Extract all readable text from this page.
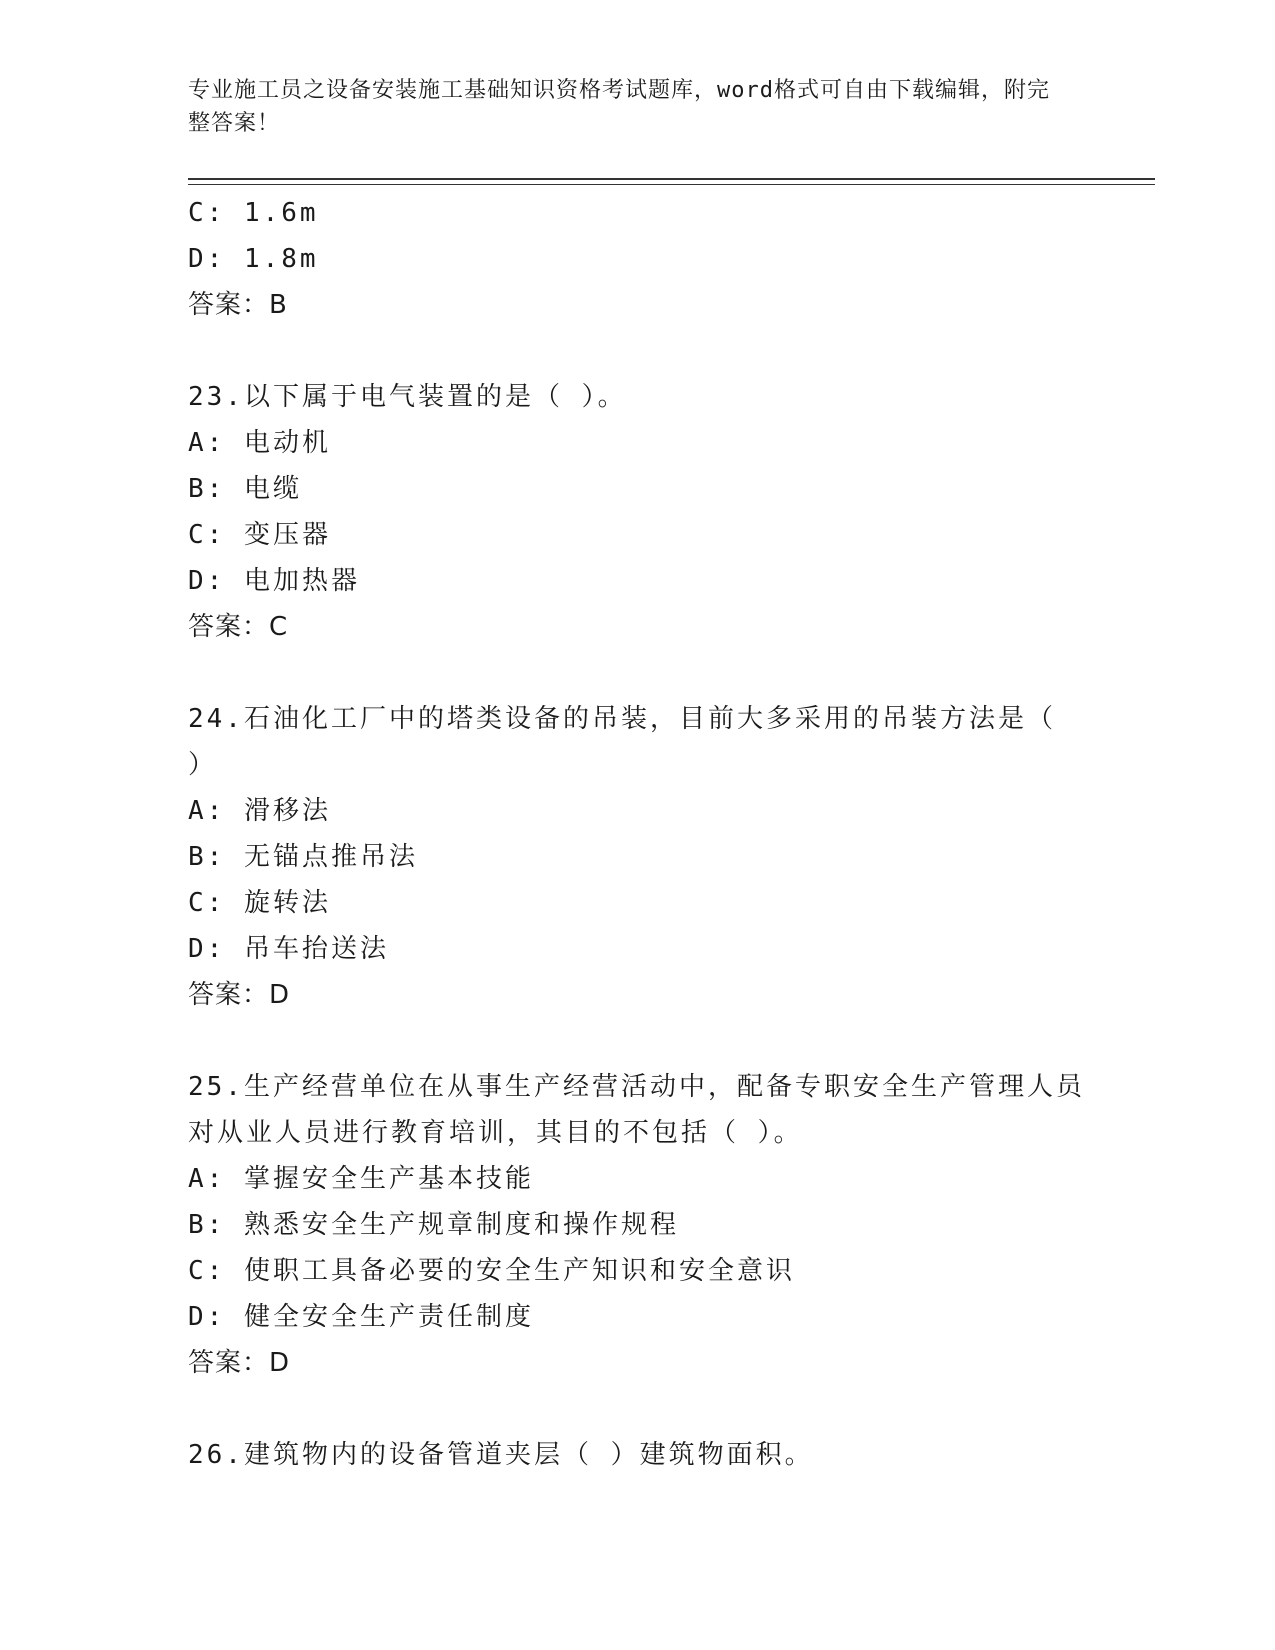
专业施工员之设备安装施工基础知识资格考试题库，word格式可自由下载编辑，附完整答案！
C: 1.6m
D: 1.8m
答案：B
23.以下属于电气装置的是（ ）。
A: 电动机
B: 电缆
C: 变压器
D: 电加热器
答案：C
24.石油化工厂中的塔类设备的吊装，目前大多采用的吊装方法是（ ）
A: 滑移法
B: 无锚点推吊法
C: 旋转法
D: 吊车抬送法
答案：D
25.生产经营单位在从事生产经营活动中，配备专职安全生产管理人员对从业人员进行教育培训，其目的不包括（ ）。
A: 掌握安全生产基本技能
B: 熟悉安全生产规章制度和操作规程
C: 使职工具备必要的安全生产知识和安全意识
D: 健全安全生产责任制度
答案：D
26.建筑物内的设备管道夹层（ ）建筑物面积。
